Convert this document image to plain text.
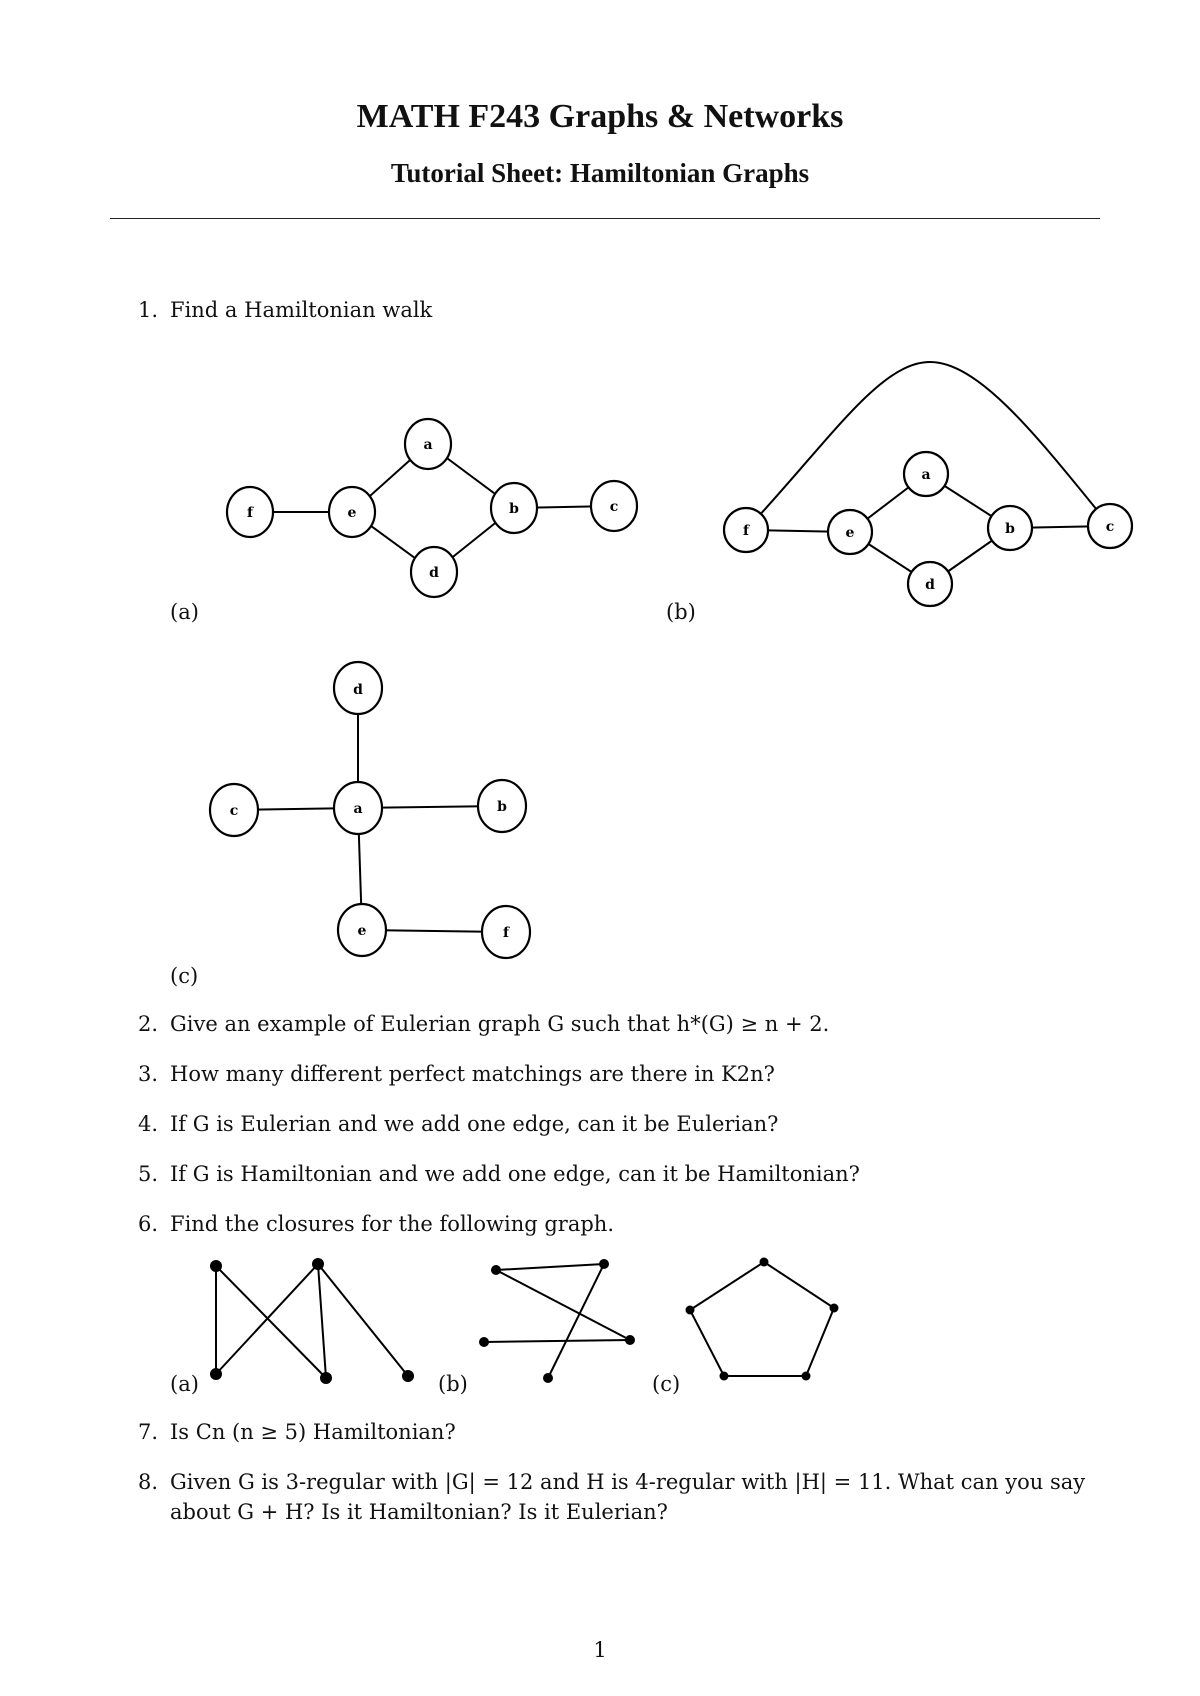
MATH F243 Graphs & Networks
Tutorial Sheet: Hamiltonian Graphs
1. Find a Hamiltonian walk
f	e
a
d
b	c
f	e
a
d
b	c
d
c	a	b
e	f
(a)	(b)
(c)
2. Give an example of Eulerian graph G such that h*(G) ≥ n + 2.
3. How many different perfect matchings are there in K2n?
4. If G is Eulerian and we add one edge, can it be Eulerian?
5. If G is Hamiltonian and we add one edge, can it be Hamiltonian?
6. Find the closures for the following graph.
(a)	(b)	(c)
7. Is Cn (n ≥ 5) Hamiltonian?
8. Given G is 3-regular with |G| = 12 and H is 4-regular with |H| = 11. What can you say
about G + H? Is it Hamiltonian? Is it Eulerian?
1
